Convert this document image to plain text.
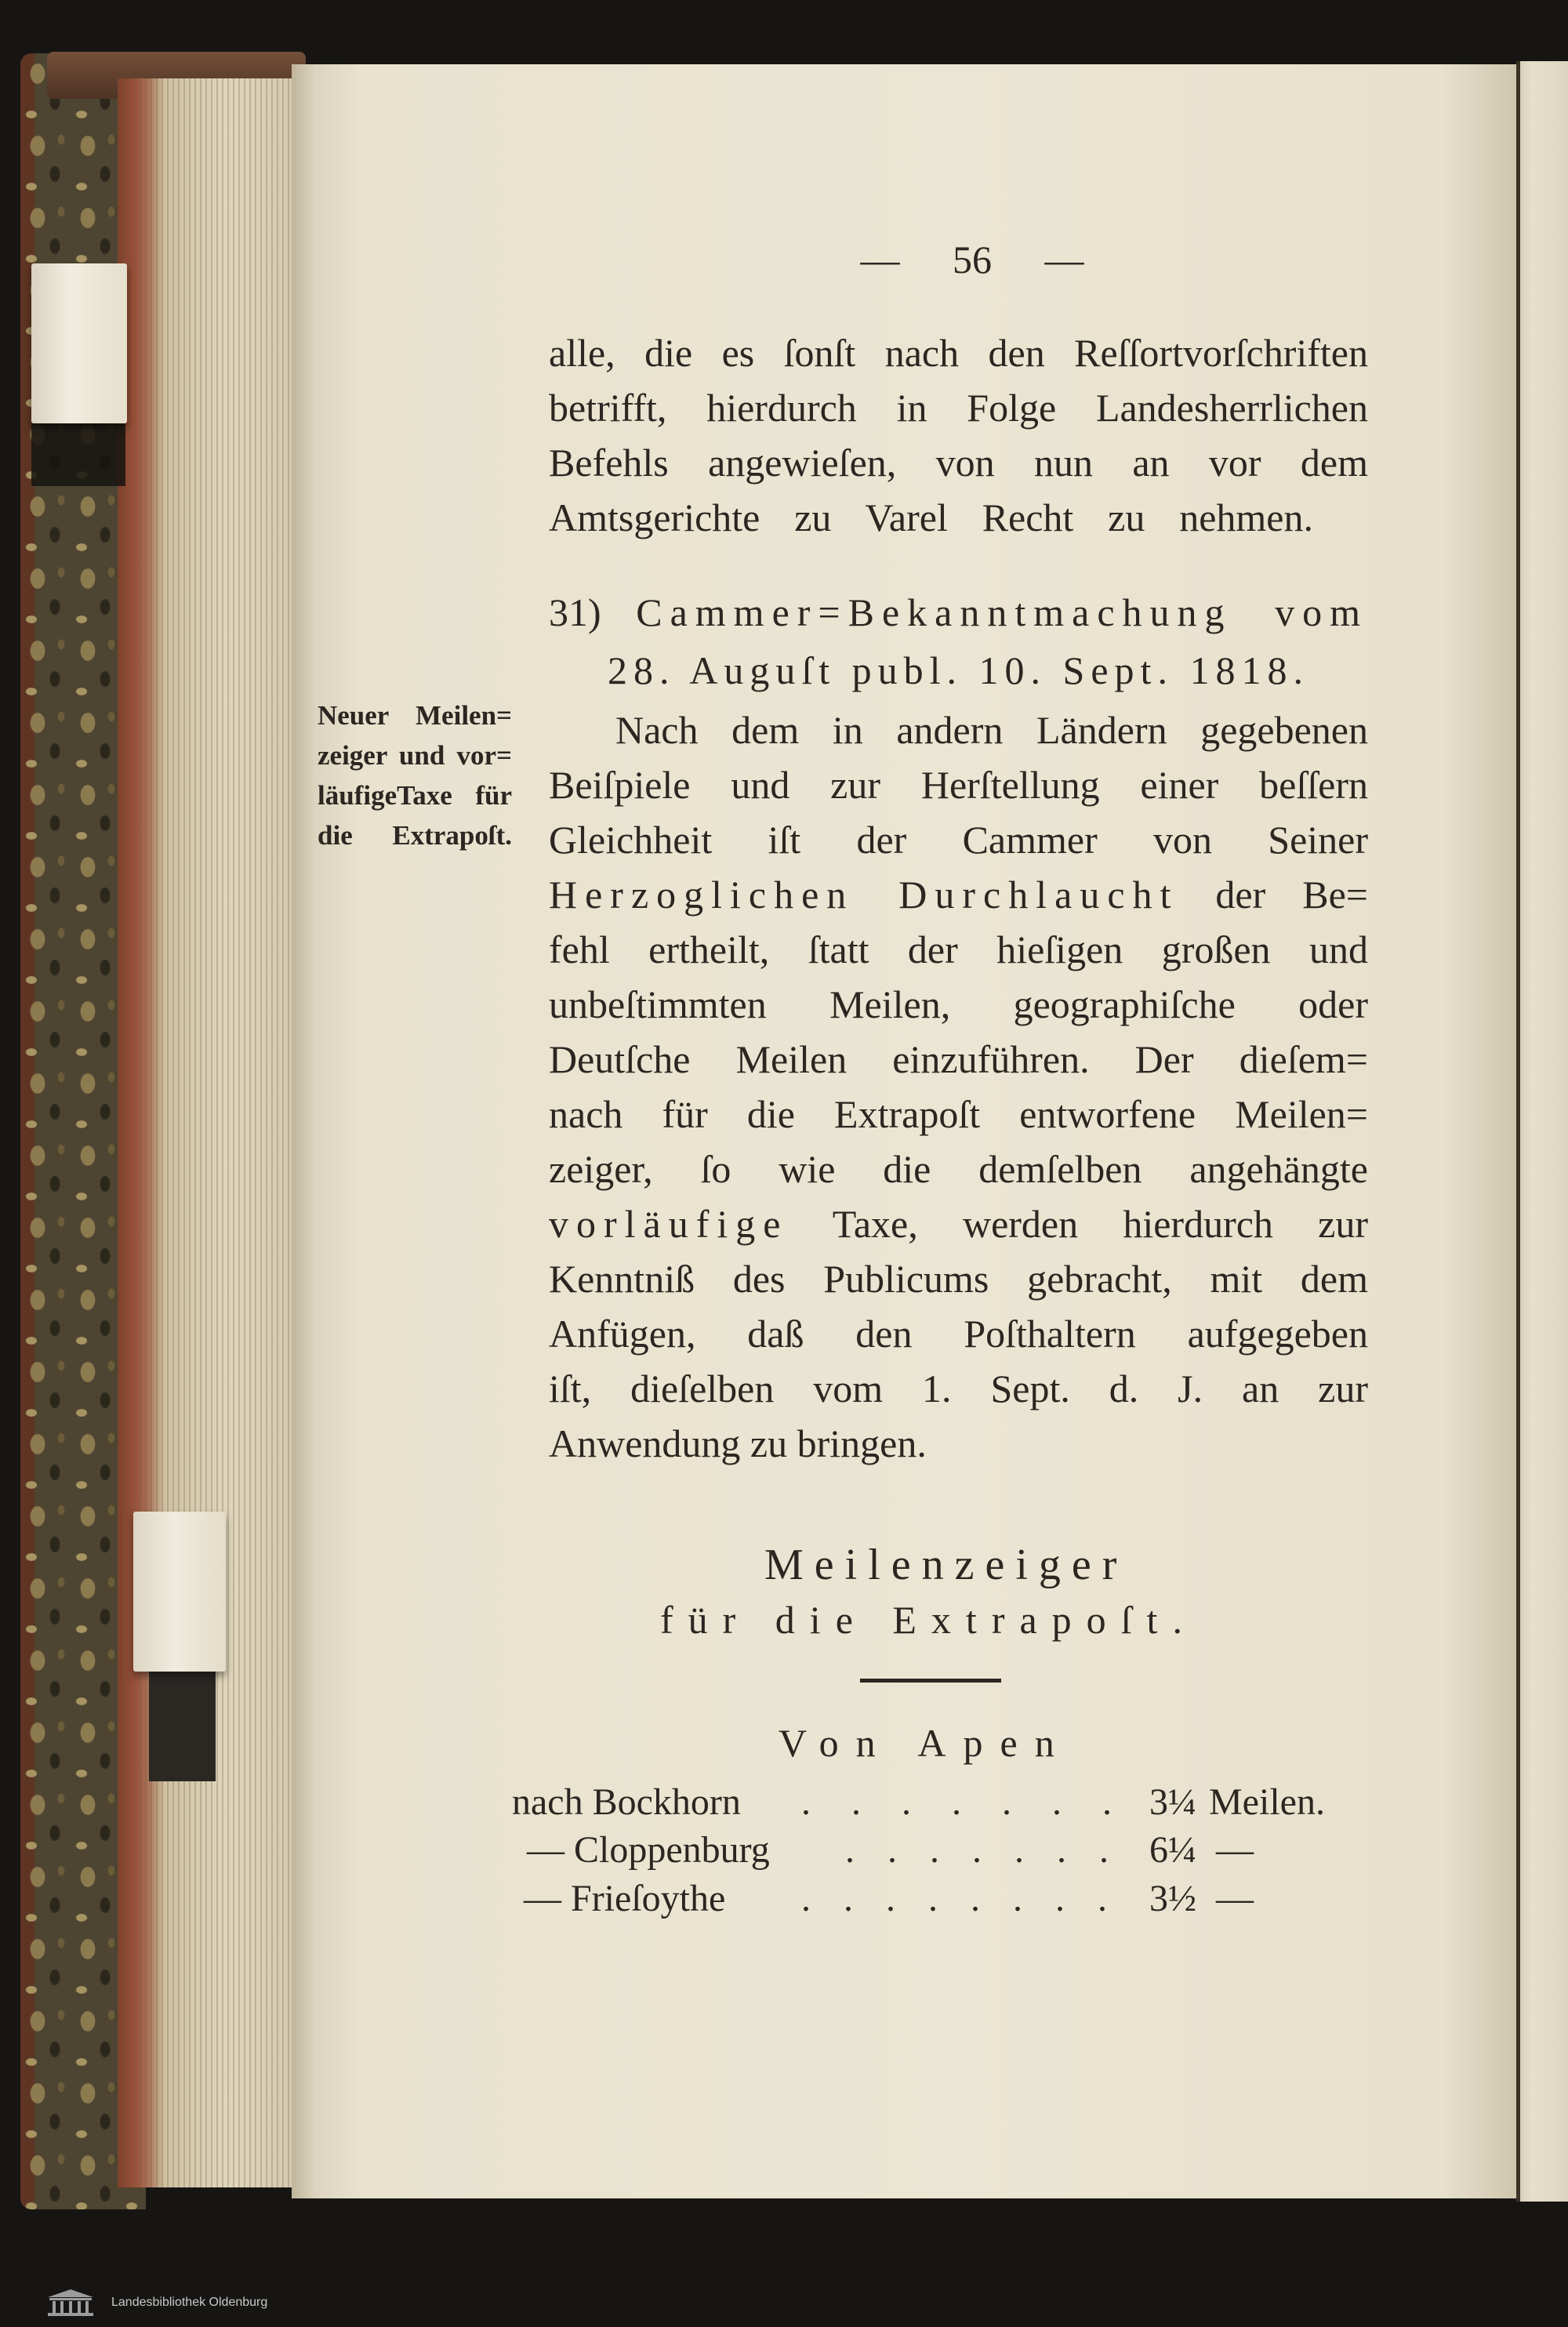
— 56 —
alle, die es ſonſt nach den Reſſortvorſchriften
betrifft, hierdurch in Folge Landesherrlichen
Befehls angewieſen, von nun an vor dem
Amtsgerichte zu Varel Recht zu nehmen.
31) Cammer=Bekanntmachung vom
28. Auguſt publ. 10. Sept. 1818.
Neuer Meilen=
zeiger und vor=
läufigeTaxe für
die Extrapoſt.
Nach dem in andern Ländern gegebenen
Beiſpiele und zur Herſtellung einer beſſern
Gleichheit iſt der Cammer von Seiner
Herzoglichen Durchlaucht der Be=
fehl ertheilt, ſtatt der hieſigen großen und
unbeſtimmten Meilen, geographiſche oder
Deutſche Meilen einzuführen. Der dieſem=
nach für die Extrapoſt entworfene Meilen=
zeiger, ſo wie die demſelben angehängte
vorläufige Taxe, werden hierdurch zur
Kenntniß des Publicums gebracht, mit dem
Anfügen, daß den Poſthaltern aufgegeben
iſt, dieſelben vom 1. Sept. d. J. an zur
Anwendung zu bringen.
Meilenzeiger
für die Extrapoſt.
Von Apen
nach Bockhorn . . . . . . . 3¼ Meilen.
— Cloppenburg . . . . . . . 6¼ —
— Frieſoythe . . . . . . . . 3½ —
Landesbibliothek Oldenburg
